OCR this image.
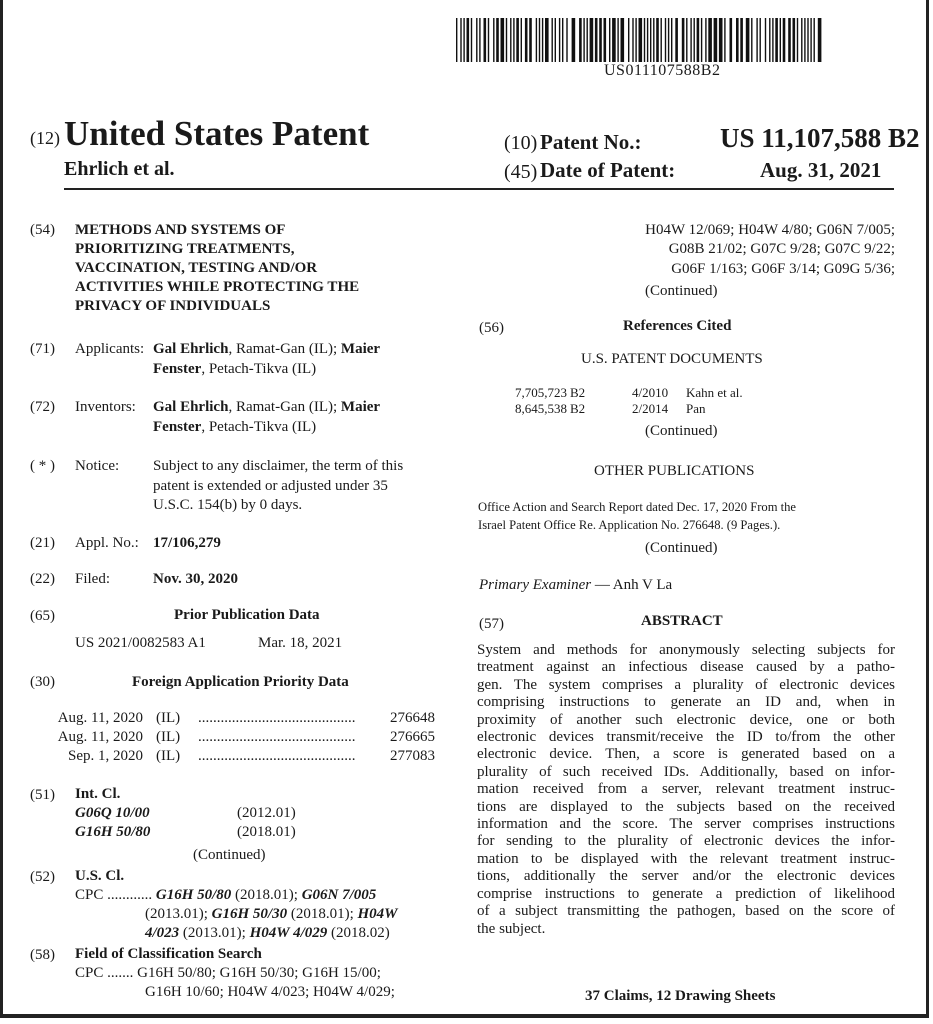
US011107588B2
(12) United States Patent
Ehrlich et al.
(10) Patent No.:	US 11,107,588 B2
(45) Date of Patent:	Aug. 31, 2021
(54) METHODS AND SYSTEMS OF
PRIORITIZING TREATMENTS,
VACCINATION, TESTING AND/OR
ACTIVITIES WHILE PROTECTING THE
PRIVACY OF INDIVIDUALS
(71) Applicants: Gal Ehrlich, Ramat-Gan (IL); Maier
Fenster, Petach-Tikva (IL)
(72) Inventors: Gal Ehrlich, Ramat-Gan (IL); Maier
Fenster, Petach-Tikva (IL)
( * ) Notice: Subject to any disclaimer, the term of this
patent is extended or adjusted under 35
U.S.C. 154(b) by 0 days.
(21) Appl. No.: 17/106,279
(22) Filed:	Nov. 30, 2020
(65)	Prior Publication Data
US 2021/0082583 A1	Mar. 18, 2021
(30)	Foreign Application Priority Data
Aug. 11, 2020 (IL) .......................................... 276648
Aug. 11, 2020 (IL) .......................................... 276665
Sep. 1, 2020 (IL) .......................................... 277083
(51) Int. Cl.
G06Q 10/00	(2012.01)
G16H 50/80	(2018.01)
(Continued)
(52) U.S. Cl.
CPC ............ G16H 50/80 (2018.01); G06N 7/005
(2013.01); G16H 50/30 (2018.01); H04W
4/023 (2013.01); H04W 4/029 (2018.02)
(58) Field of Classification Search
CPC ....... G16H 50/80; G16H 50/30; G16H 15/00;
G16H 10/60; H04W 4/023; H04W 4/029;
H04W 12/069; H04W 4/80; G06N 7/005;
G08B 21/02; G07C 9/28; G07C 9/22;
G06F 1/163; G06F 3/14; G09G 5/36;
(Continued)
(56)	References Cited
U.S. PATENT DOCUMENTS
7,705,723 B2	4/2010 Kahn et al.
8,645,538 B2	2/2014 Pan
(Continued)
OTHER PUBLICATIONS
Office Action and Search Report dated Dec. 17, 2020 From the
Israel Patent Office Re. Application No. 276648. (9 Pages.).
(Continued)
Primary Examiner — Anh V La
(57)	ABSTRACT
System and methods for anonymously selecting subjects for
treatment against an infectious disease caused by a patho-
gen. The system comprises a plurality of electronic devices
comprising instructions to generate an ID and, when in
proximity of another such electronic device, one or both
electronic devices transmit/receive the ID to/from the other
electronic device. Then, a score is generated based on a
plurality of such received IDs. Additionally, based on infor-
mation received from a server, relevant treatment instruc-
tions are displayed to the subjects based on the received
information and the score. The server comprises instructions
for sending to the plurality of electronic devices the infor-
mation to be displayed with the relevant treatment instruc-
tions, additionally the server and/or the electronic devices
comprise instructions to generate a prediction of likelihood
of a subject transmitting the pathogen, based on the score of
the subject.
37 Claims, 12 Drawing Sheets
